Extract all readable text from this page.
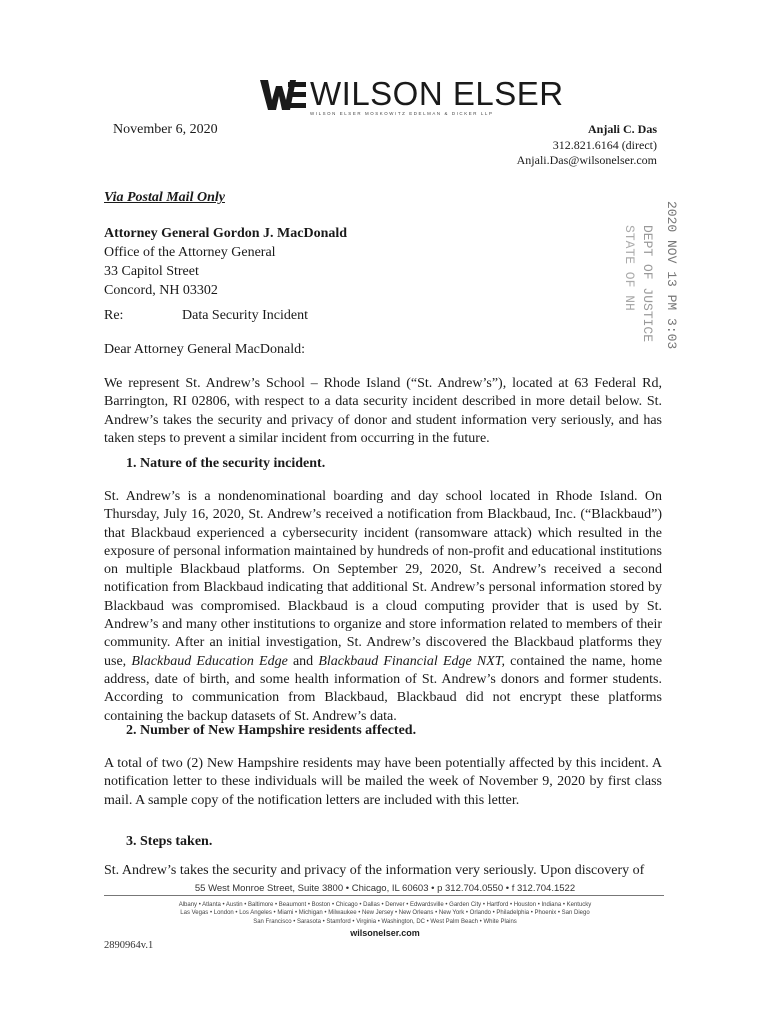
WILSON ELSER
WILSON ELSER MOSKOWITZ EDELMAN & DICKER LLP
November 6, 2020	Anjali C. Das
312.821.6164 (direct)
Anjali.Das@wilsonelser.com
Via Postal Mail Only
Attorney General Gordon J. MacDonald
Office of the Attorney General
33 Capitol Street
Concord, NH 03302
Re:	Data Security Incident	2020 NOV 13 PM 3:03
DEPT OF JUSTICE
STATE OF NH
Dear Attorney General MacDonald:
We represent St. Andrew’s School – Rhode Island (“St. Andrew’s”), located at 63 Federal Rd, Barrington, RI 02806, with respect to a data security incident described in more detail below. St. Andrew’s takes the security and privacy of donor and student information very seriously, and has taken steps to prevent a similar incident from occurring in the future.
1. Nature of the security incident.
St. Andrew’s is a nondenominational boarding and day school located in Rhode Island. On Thursday, July 16, 2020, St. Andrew’s received a notification from Blackbaud, Inc. (“Blackbaud”) that Blackbaud experienced a cybersecurity incident (ransomware attack) which resulted in the exposure of personal information maintained by hundreds of non-profit and educational institutions on multiple Blackbaud platforms. On September 29, 2020, St. Andrew’s received a second notification from Blackbaud indicating that additional St. Andrew’s personal information stored by Blackbaud was compromised. Blackbaud is a cloud computing provider that is used by St. Andrew’s and many other institutions to organize and store information related to members of their community. After an initial investigation, St. Andrew’s discovered the Blackbaud platforms they use, Blackbaud Education Edge and Blackbaud Financial Edge NXT, contained the name, home address, date of birth, and some health information of St. Andrew’s donors and former students. According to communication from Blackbaud, Blackbaud did not encrypt these platforms containing the backup datasets of St. Andrew’s data.
2. Number of New Hampshire residents affected.
A total of two (2) New Hampshire residents may have been potentially affected by this incident. A notification letter to these individuals will be mailed the week of November 9, 2020 by first class mail. A sample copy of the notification letters are included with this letter.
3. Steps taken.
St. Andrew’s takes the security and privacy of the information very seriously. Upon discovery of
55 West Monroe Street, Suite 3800 • Chicago, IL 60603 • p 312.704.0550 • f 312.704.1522
Albany • Atlanta • Austin • Baltimore • Beaumont • Boston • Chicago • Dallas • Denver • Edwardsville • Garden City • Hartford • Houston • Indiana • Kentucky
Las Vegas • London • Los Angeles • Miami • Michigan • Milwaukee • New Jersey • New Orleans • New York • Orlando • Philadelphia • Phoenix • San Diego
San Francisco • Sarasota • Stamford • Virginia • Washington, DC • West Palm Beach • White Plains
wilsonelser.com
2890964v.1
